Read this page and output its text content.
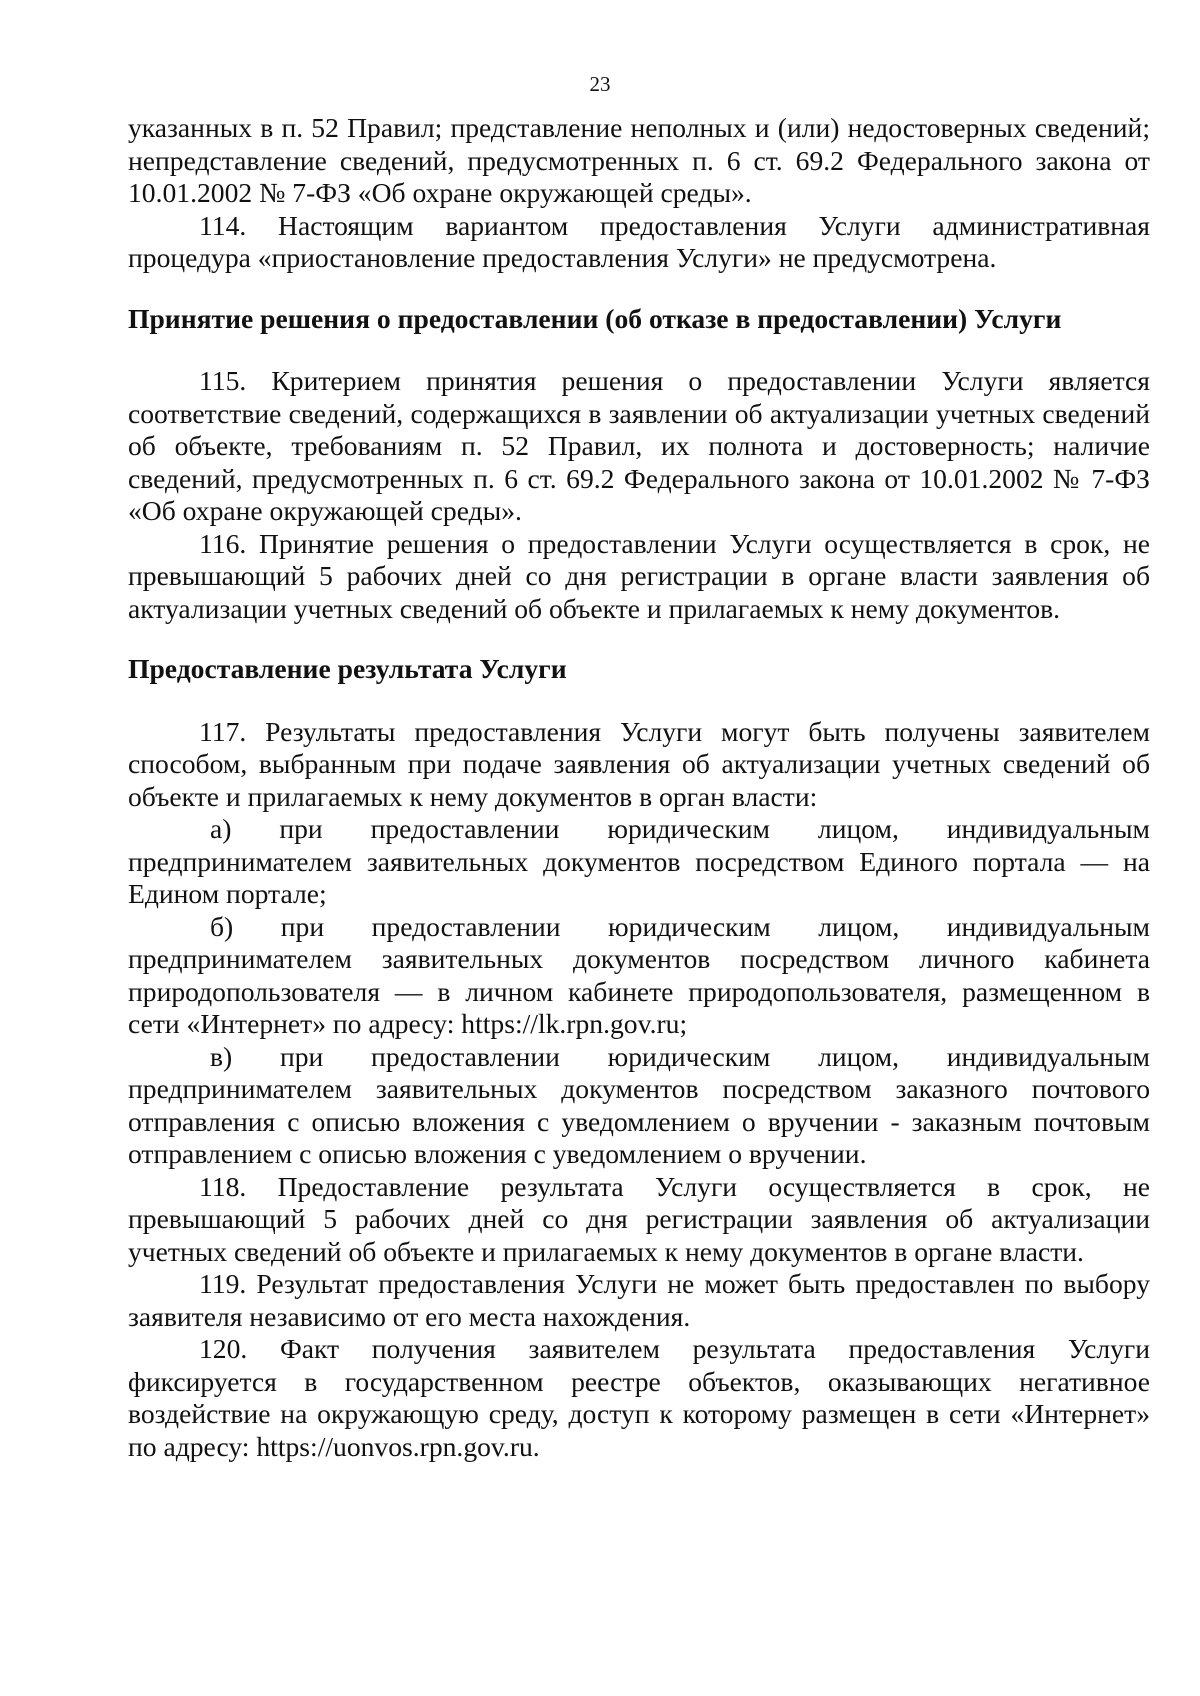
23

указанных в п. 52 Правил; представление неполных и (или) недостоверных сведений; непредставление сведений, предусмотренных п. 6 ст. 69.2 Федерального закона от 10.01.2002 № 7-ФЗ «Об охране окружающей среды».

114. Настоящим вариантом предоставления Услуги административная процедура «приостановление предоставления Услуги» не предусмотрена.

Принятие решения о предоставлении (об отказе в предоставлении) Услуги

115. Критерием принятия решения о предоставлении Услуги является соответствие сведений, содержащихся в заявлении об актуализации учетных сведений об объекте, требованиям п. 52 Правил, их полнота и достоверность; наличие сведений, предусмотренных п. 6 ст. 69.2 Федерального закона от 10.01.2002 № 7-ФЗ «Об охране окружающей среды».

116. Принятие решения о предоставлении Услуги осуществляется в срок, не превышающий 5 рабочих дней со дня регистрации в органе власти заявления об актуализации учетных сведений об объекте и прилагаемых к нему документов.

Предоставление результата Услуги

117. Результаты предоставления Услуги могут быть получены заявителем способом, выбранным при подаче заявления об актуализации учетных сведений об объекте и прилагаемых к нему документов в орган власти:

а) при предоставлении юридическим лицом, индивидуальным предпринимателем заявительных документов посредством Единого портала — на Едином портале;

б) при предоставлении юридическим лицом, индивидуальным предпринимателем заявительных документов посредством личного кабинета природопользователя — в личном кабинете природопользователя, размещенном в сети «Интернет» по адресу: https://lk.rpn.gov.ru;

в) при предоставлении юридическим лицом, индивидуальным предпринимателем заявительных документов посредством заказного почтового отправления с описью вложения с уведомлением о вручении - заказным почтовым отправлением с описью вложения с уведомлением о вручении.

118. Предоставление результата Услуги осуществляется в срок, не превышающий 5 рабочих дней со дня регистрации заявления об актуализации учетных сведений об объекте и прилагаемых к нему документов в органе власти.

119. Результат предоставления Услуги не может быть предоставлен по выбору заявителя независимо от его места нахождения.

120. Факт получения заявителем результата предоставления Услуги фиксируется в государственном реестре объектов, оказывающих негативное воздействие на окружающую среду, доступ к которому размещен в сети «Интернет» по адресу: https://uonvos.rpn.gov.ru.
